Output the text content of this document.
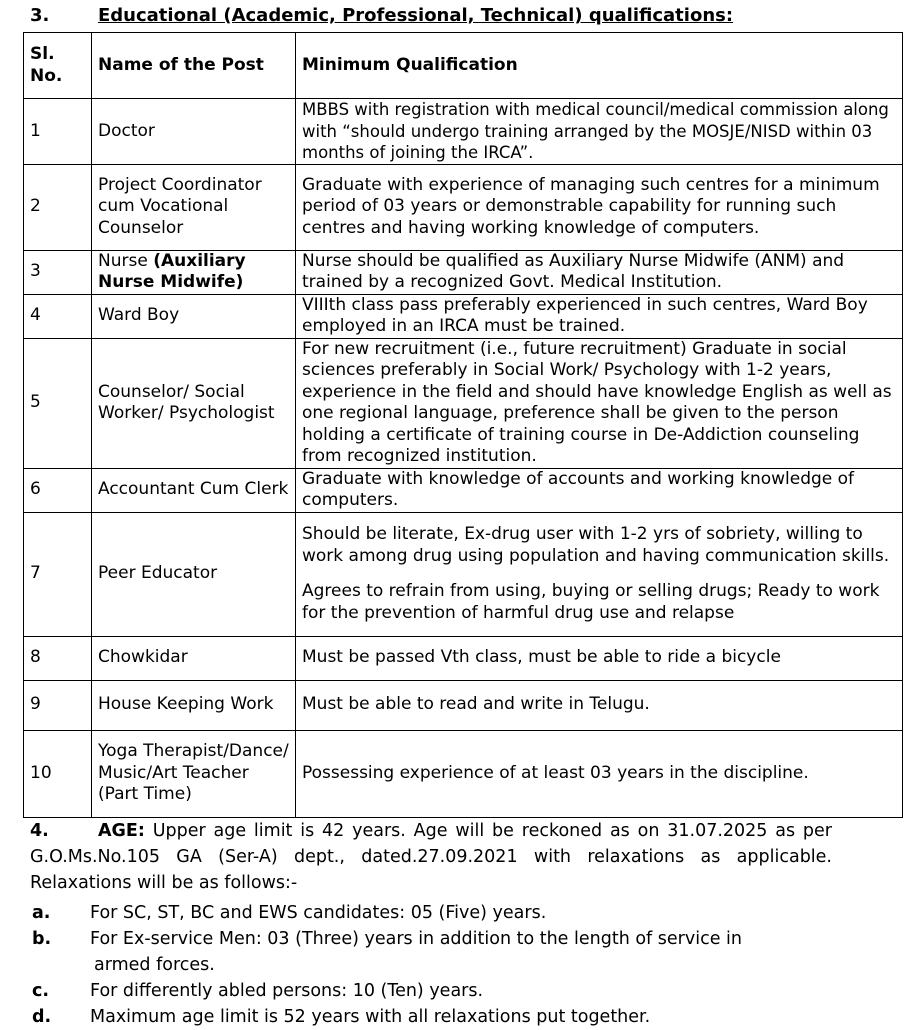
3.	Educational (Academic, Professional, Technical) qualifications:
Sl. No.	Name of the Post	Minimum Qualification
1	Doctor	MBBS with registration with medical council/medical commission along with “should undergo training arranged by the MOSJE/NISD within 03 months of joining the IRCA”.
2	Project Coordinator cum Vocational Counselor	Graduate with experience of managing such centres for a minimum period of 03 years or demonstrable capability for running such centres and having working knowledge of computers.
3	Nurse (Auxiliary Nurse Midwife)	Nurse should be qualified as Auxiliary Nurse Midwife (ANM) and trained by a recognized Govt. Medical Institution.
4	Ward Boy	VIIIth class pass preferably experienced in such centres, Ward Boy employed in an IRCA must be trained.
5	Counselor/ Social Worker/ Psychologist	For new recruitment (i.e., future recruitment) Graduate in social sciences preferably in Social Work/ Psychology with 1-2 years, experience in the field and should have knowledge English as well as one regional language, preference shall be given to the person holding a certificate of training course in De-Addiction counseling from recognized institution.
6	Accountant Cum Clerk	Graduate with knowledge of accounts and working knowledge of computers.
7	Peer Educator	Should be literate, Ex-drug user with 1-2 yrs of sobriety, willing to work among drug using population and having communication skills.
Agrees to refrain from using, buying or selling drugs; Ready to work for the prevention of harmful drug use and relapse

8	Chowkidar	Must be passed Vth class, must be able to ride a bicycle
9	House Keeping Work	Must be able to read and write in Telugu.
10	Yoga Therapist/Dance/ Music/Art Teacher (Part Time)	Possessing experience of at least 03 years in the discipline.

4.	AGE: Upper age limit is 42 years. Age will be reckoned as on 31.07.2025 as per G.O.Ms.No.105 GA (Ser-A) dept., dated.27.09.2021 with relaxations as applicable. Relaxations will be as follows:-

a.	For SC, ST, BC and EWS candidates: 05 (Five) years.
b.	For Ex-service Men: 03 (Three) years in addition to the length of service in
armed forces.
c.	For differently abled persons: 10 (Ten) years.
d.	Maximum age limit is 52 years with all relaxations put together.
